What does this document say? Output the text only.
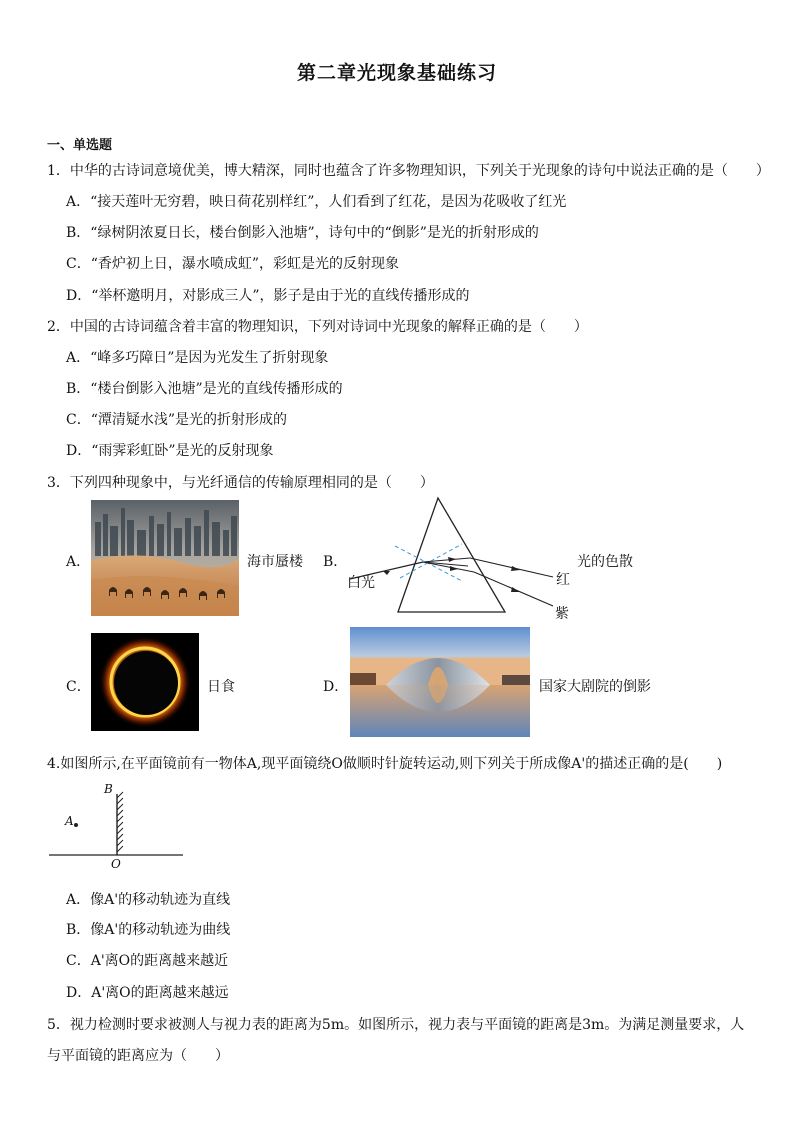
第二章光现象基础练习
一、单选题
1．中华的古诗词意境优美，博大精深，同时也蕴含了许多物理知识，下列关于光现象的诗句中说法正确的是（　　）
A．“接天莲叶无穷碧，映日荷花别样红”，人们看到了红花，是因为花吸收了红光
B．“绿树阴浓夏日长，楼台倒影入池塘”，诗句中的“倒影”是光的折射形成的
C．“香炉初上日，瀑水喷成虹”，彩虹是光的反射现象
D．“举杯邀明月，对影成三人”，影子是由于光的直线传播形成的
2．中国的古诗词蕴含着丰富的物理知识，下列对诗词中光现象的解释正确的是（　　）
A．“峰多巧障日”是因为光发生了折射现象
B．“楼台倒影入池塘”是光的直线传播形成的
C．“潭清疑水浅”是光的折射形成的
D．“雨霁彩虹卧”是光的反射现象
3．下列四种现象中，与光纤通信的传输原理相同的是（　　）
A．	海市蜃楼 B．
白光	红
紫
光的色散
C．	日食	D．	国家大剧院的倒影
4.如图所示,在平面镜前有一物体A,现平面镜绕O做顺时针旋转运动,则下列关于所成像A'的描述正确的是(　　)
B
A
O
A．像A'的移动轨迹为直线
B．像A'的移动轨迹为曲线
C．A'离O的距离越来越近
D．A'离O的距离越来越远
5．视力检测时要求被测人与视力表的距离为5m。如图所示，视力表与平面镜的距离是3m。为满足测量要求，人
与平面镜的距离应为（　　）
